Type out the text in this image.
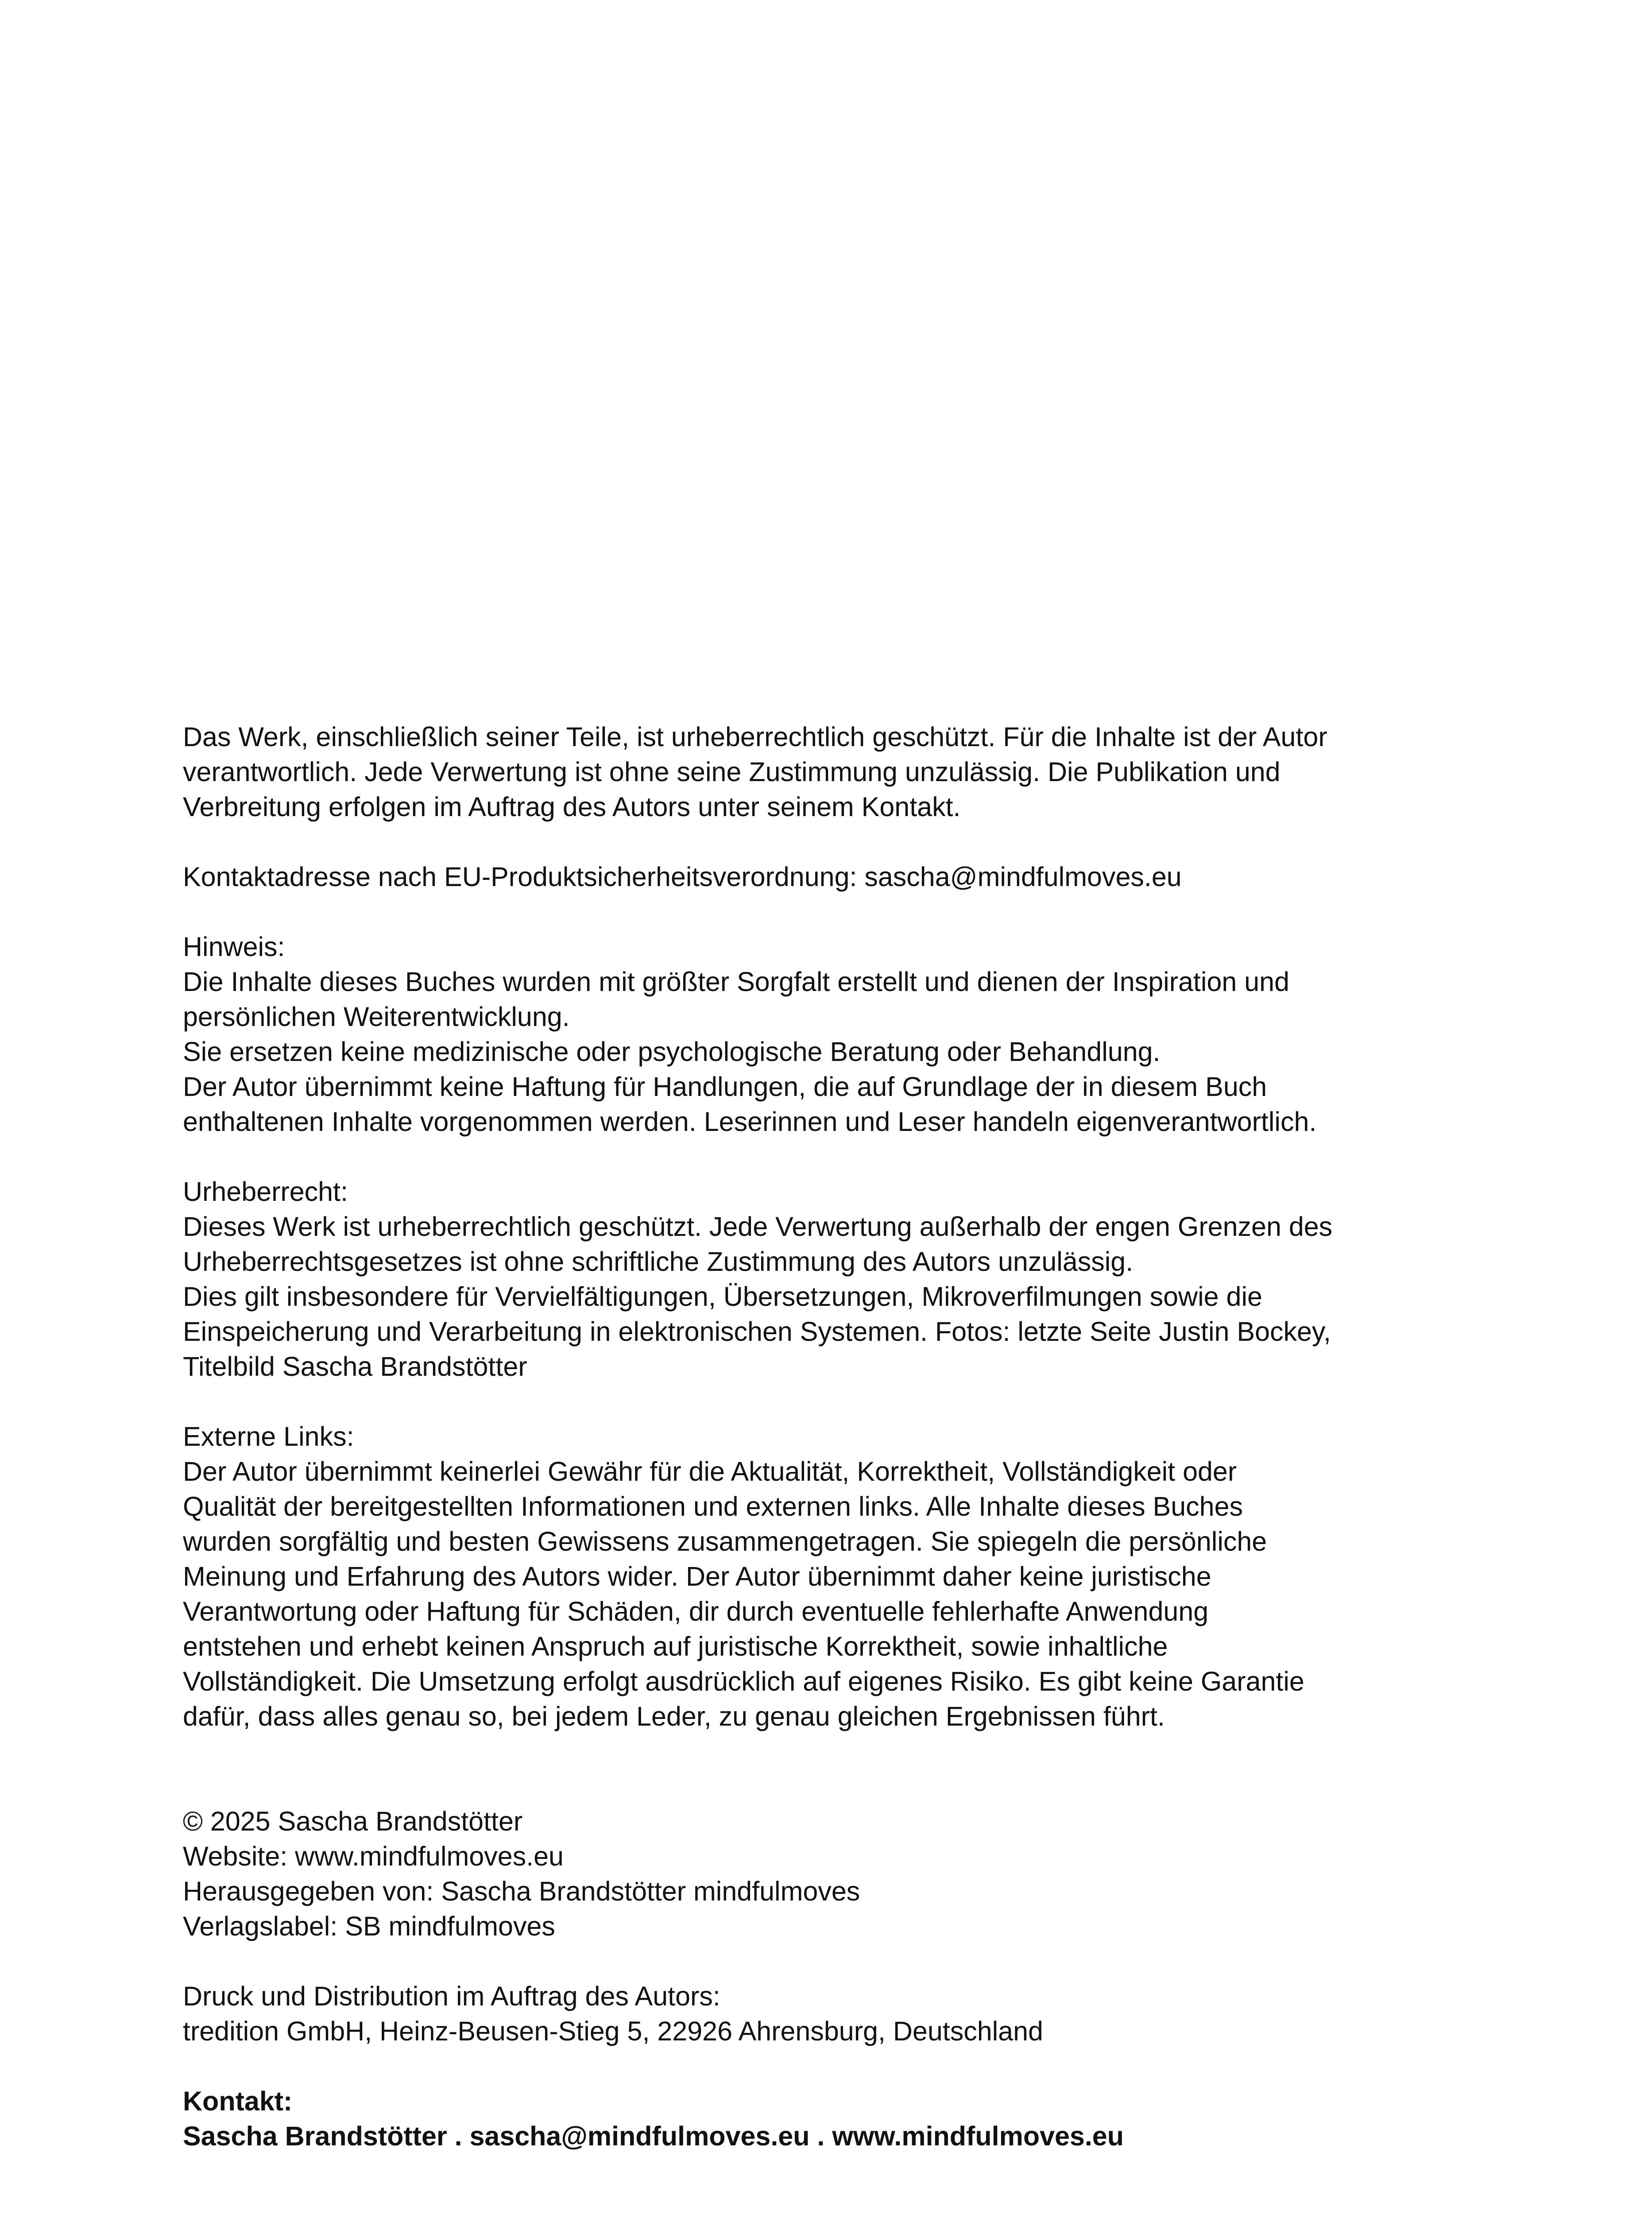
Das Werk, einschließlich seiner Teile, ist urheberrechtlich geschützt. Für die Inhalte ist der Autor
verantwortlich. Jede Verwertung ist ohne seine Zustimmung unzulässig. Die Publikation und
Verbreitung erfolgen im Auftrag des Autors unter seinem Kontakt.
Kontaktadresse nach EU-Produktsicherheitsverordnung: sascha@mindfulmoves.eu
Hinweis:
Die Inhalte dieses Buches wurden mit größter Sorgfalt erstellt und dienen der Inspiration und
persönlichen Weiterentwicklung.
Sie ersetzen keine medizinische oder psychologische Beratung oder Behandlung.
Der Autor übernimmt keine Haftung für Handlungen, die auf Grundlage der in diesem Buch
enthaltenen Inhalte vorgenommen werden. Leserinnen und Leser handeln eigenverantwortlich.
Urheberrecht:
Dieses Werk ist urheberrechtlich geschützt. Jede Verwertung außerhalb der engen Grenzen des
Urheberrechtsgesetzes ist ohne schriftliche Zustimmung des Autors unzulässig.
Dies gilt insbesondere für Vervielfältigungen, Übersetzungen, Mikroverfilmungen sowie die
Einspeicherung und Verarbeitung in elektronischen Systemen. Fotos: letzte Seite Justin Bockey,
Titelbild Sascha Brandstötter
Externe Links:
Der Autor übernimmt keinerlei Gewähr für die Aktualität, Korrektheit, Vollständigkeit oder
Qualität der bereitgestellten Informationen und externen links. Alle Inhalte dieses Buches
wurden sorgfältig und besten Gewissens zusammengetragen. Sie spiegeln die persönliche
Meinung und Erfahrung des Autors wider. Der Autor übernimmt daher keine juristische
Verantwortung oder Haftung für Schäden, dir durch eventuelle fehlerhafte Anwendung
entstehen und erhebt keinen Anspruch auf juristische Korrektheit, sowie inhaltliche
Vollständigkeit. Die Umsetzung erfolgt ausdrücklich auf eigenes Risiko. Es gibt keine Garantie
dafür, dass alles genau so, bei jedem Leder, zu genau gleichen Ergebnissen führt.
© 2025 Sascha Brandstötter
Website: www.mindfulmoves.eu
Herausgegeben von: Sascha Brandstötter mindfulmoves
Verlagslabel: SB mindfulmoves
Druck und Distribution im Auftrag des Autors:
tredition GmbH, Heinz-Beusen-Stieg 5, 22926 Ahrensburg, Deutschland
Kontakt:
Sascha Brandstötter . sascha@mindfulmoves.eu . www.mindfulmoves.eu
